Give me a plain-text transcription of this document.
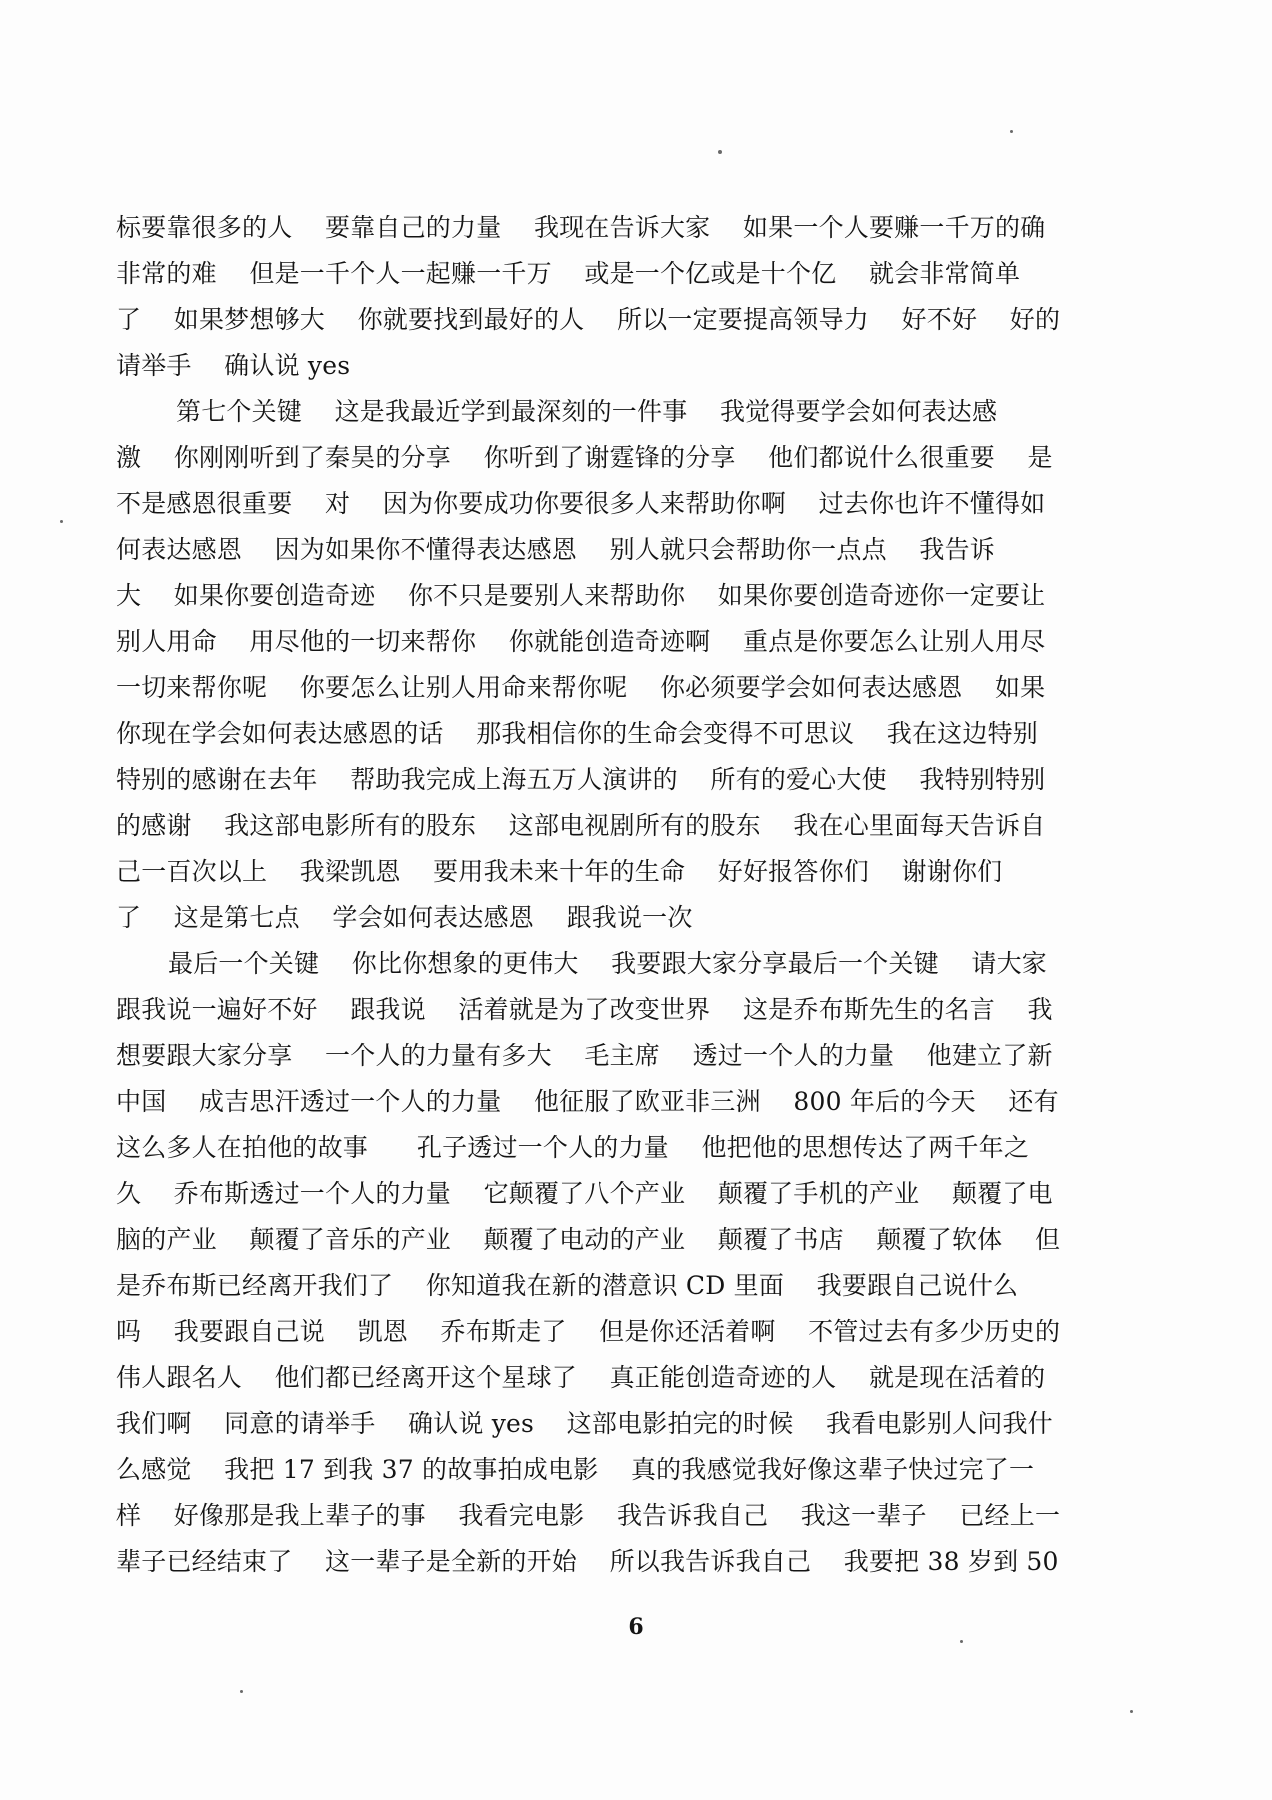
标要靠很多的人    要靠自己的力量    我现在告诉大家    如果一个人要赚一千万的确
非常的难    但是一千个人一起赚一千万    或是一个亿或是十个亿    就会非常简单
了    如果梦想够大    你就要找到最好的人    所以一定要提高领导力    好不好    好的
请举手    确认说 yes
第七个关键    这是我最近学到最深刻的一件事    我觉得要学会如何表达感
激    你刚刚听到了秦昊的分享    你听到了谢霆锋的分享    他们都说什么很重要    是
不是感恩很重要    对    因为你要成功你要很多人来帮助你啊    过去你也许不懂得如
何表达感恩    因为如果你不懂得表达感恩    别人就只会帮助你一点点    我告诉
大    如果你要创造奇迹    你不只是要别人来帮助你    如果你要创造奇迹你一定要让
别人用命    用尽他的一切来帮你    你就能创造奇迹啊    重点是你要怎么让别人用尽
一切来帮你呢    你要怎么让别人用命来帮你呢    你必须要学会如何表达感恩    如果
你现在学会如何表达感恩的话    那我相信你的生命会变得不可思议    我在这边特别
特别的感谢在去年    帮助我完成上海五万人演讲的    所有的爱心大使    我特别特别
的感谢    我这部电影所有的股东    这部电视剧所有的股东    我在心里面每天告诉自
己一百次以上    我梁凯恩    要用我未来十年的生命    好好报答你们    谢谢你们
了    这是第七点    学会如何表达感恩    跟我说一次
最后一个关键    你比你想象的更伟大    我要跟大家分享最后一个关键    请大家
跟我说一遍好不好    跟我说    活着就是为了改变世界    这是乔布斯先生的名言    我
想要跟大家分享    一个人的力量有多大    毛主席    透过一个人的力量    他建立了新
中国    成吉思汗透过一个人的力量    他征服了欧亚非三洲    800 年后的今天    还有
这么多人在拍他的故事      孔子透过一个人的力量    他把他的思想传达了两千年之
久    乔布斯透过一个人的力量    它颠覆了八个产业    颠覆了手机的产业    颠覆了电
脑的产业    颠覆了音乐的产业    颠覆了电动的产业    颠覆了书店    颠覆了软体    但
是乔布斯已经离开我们了    你知道我在新的潜意识 CD 里面    我要跟自己说什么
吗    我要跟自己说    凯恩    乔布斯走了    但是你还活着啊    不管过去有多少历史的
伟人跟名人    他们都已经离开这个星球了    真正能创造奇迹的人    就是现在活着的
我们啊    同意的请举手    确认说 yes    这部电影拍完的时候    我看电影别人问我什
么感觉    我把 17 到我 37 的故事拍成电影    真的我感觉我好像这辈子快过完了一
样    好像那是我上辈子的事    我看完电影    我告诉我自己    我这一辈子    已经上一
辈子已经结束了    这一辈子是全新的开始    所以我告诉我自己    我要把 38 岁到 50
6
